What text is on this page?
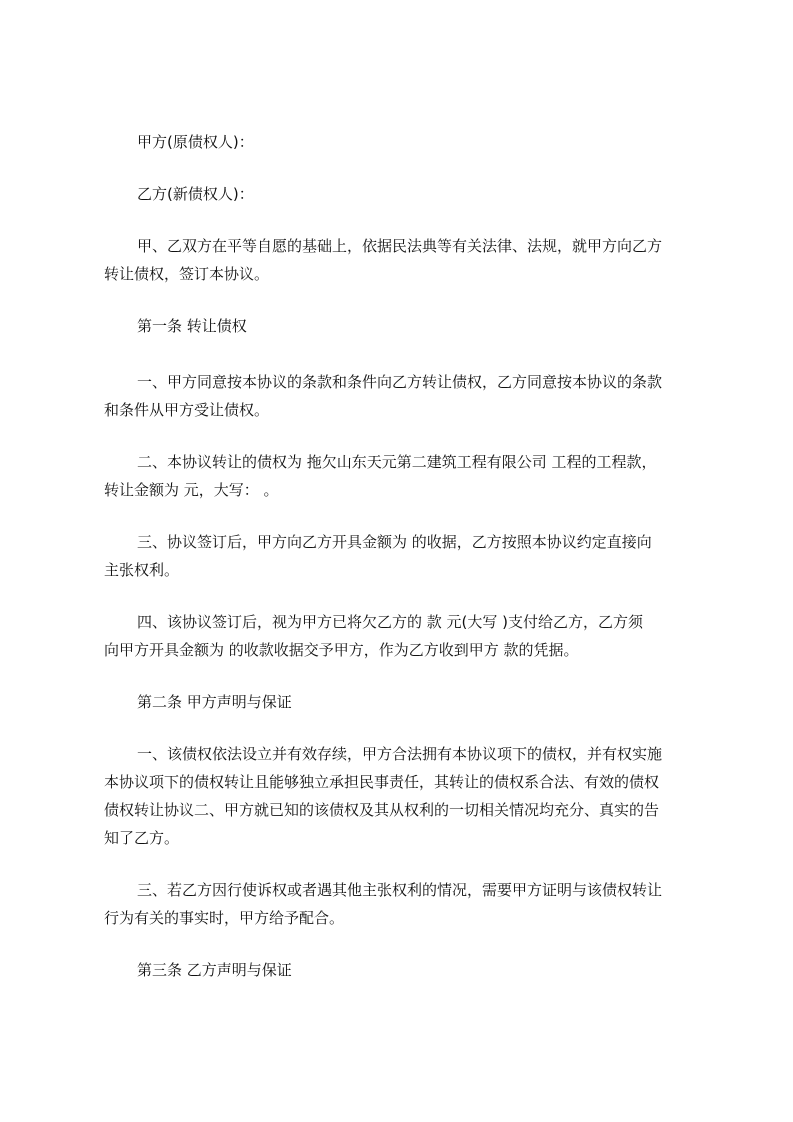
甲方(原债权人)：
乙方(新债权人)：
甲、乙双方在平等自愿的基础上，依据民法典等有关法律、法规，就甲方向乙方
转让债权，签订本协议。
第一条 转让债权
一、甲方同意按本协议的条款和条件向乙方转让债权，乙方同意按本协议的条款
和条件从甲方受让债权。
二、本协议转让的债权为 拖欠山东天元第二建筑工程有限公司 工程的工程款，
转让金额为 元，大写： 。
三、协议签订后，甲方向乙方开具金额为 的收据，乙方按照本协议约定直接向
主张权利。
四、该协议签订后，视为甲方已将欠乙方的 款 元(大写 )支付给乙方，乙方须
向甲方开具金额为 的收款收据交予甲方，作为乙方收到甲方 款的凭据。
第二条 甲方声明与保证
一、该债权依法设立并有效存续，甲方合法拥有本协议项下的债权，并有权实施
本协议项下的债权转让且能够独立承担民事责任，其转让的债权系合法、有效的债权
债权转让协议二、甲方就已知的该债权及其从权利的一切相关情况均充分、真实的告
知了乙方。
三、若乙方因行使诉权或者遇其他主张权利的情况，需要甲方证明与该债权转让
行为有关的事实时，甲方给予配合。
第三条 乙方声明与保证
